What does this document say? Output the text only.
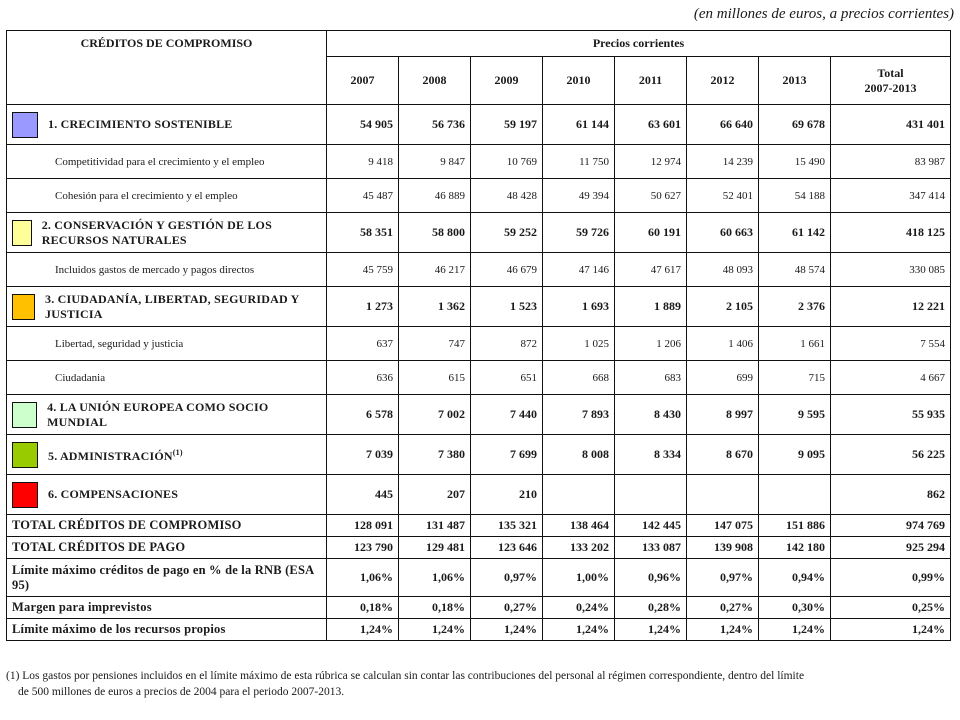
(en millones de euros, a precios corrientes)
CRÉDITOS DE COMPROMISO	Precios corrientes							
	2007	2008	2009	2010	2011	2012	2013	Total
2007-2013

1. CRECIMIENTO SOSTENIBLE	54 905	56 736	59 197	61 144	63 601	66 640	69 678	431 401
Competitividad para el crecimiento y el empleo	9 418	9 847	10 769	11 750	12 974	14 239	15 490	83 987
Cohesión para el crecimiento y el empleo	45 487	46 889	48 428	49 394	50 627	52 401	54 188	347 414

2. CONSERVACIÓN Y GESTIÓN DE LOS RECURSOS NATURALES	58 351	58 800	59 252	59 726	60 191	60 663	61 142	418 125
Incluidos gastos de mercado y pagos directos	45 759	46 217	46 679	47 146	47 617	48 093	48 574	330 085

3. CIUDADANÍA, LIBERTAD, SEGURIDAD Y JUSTICIA	1 273	1 362	1 523	1 693	1 889	2 105	2 376	12 221
Libertad, seguridad y justicia	637	747	872	1 025	1 206	1 406	1 661	7 554
Ciudadania	636	615	651	668	683	699	715	4 667

4. LA UNIÓN EUROPEA COMO SOCIO MUNDIAL	6 578	7 002	7 440	7 893	8 430	8 997	9 595	55 935

5. ADMINISTRACIÓN$^{(1)}$	7 039	7 380	7 699	8 008	8 334	8 670	9 095	56 225

6. COMPENSACIONES	445	207	210					862
TOTAL CRÉDITOS DE COMPROMISO	128 091	131 487	135 321	138 464	142 445	147 075	151 886	974 769
TOTAL CRÉDITOS DE PAGO	123 790	129 481	123 646	133 202	133 087	139 908	142 180	925 294
Límite máximo créditos de pago en % de la RNB (ESA 95)	1,06%	1,06%	0,97%	1,00%	0,96%	0,97%	0,94%	0,99%
Margen para imprevistos	0,18%	0,18%	0,27%	0,24%	0,28%	0,27%	0,30%	0,25%
Límite máximo de los recursos propios	1,24%	1,24%	1,24%	1,24%	1,24%	1,24%	1,24%	1,24%
(1) Los gastos por pensiones incluidos en el límite máximo de esta rúbrica se calculan sin contar las contribuciones del personal al régimen correspondiente, dentro del límite
de 500 millones de euros a precios de 2004 para el periodo 2007-2013.
